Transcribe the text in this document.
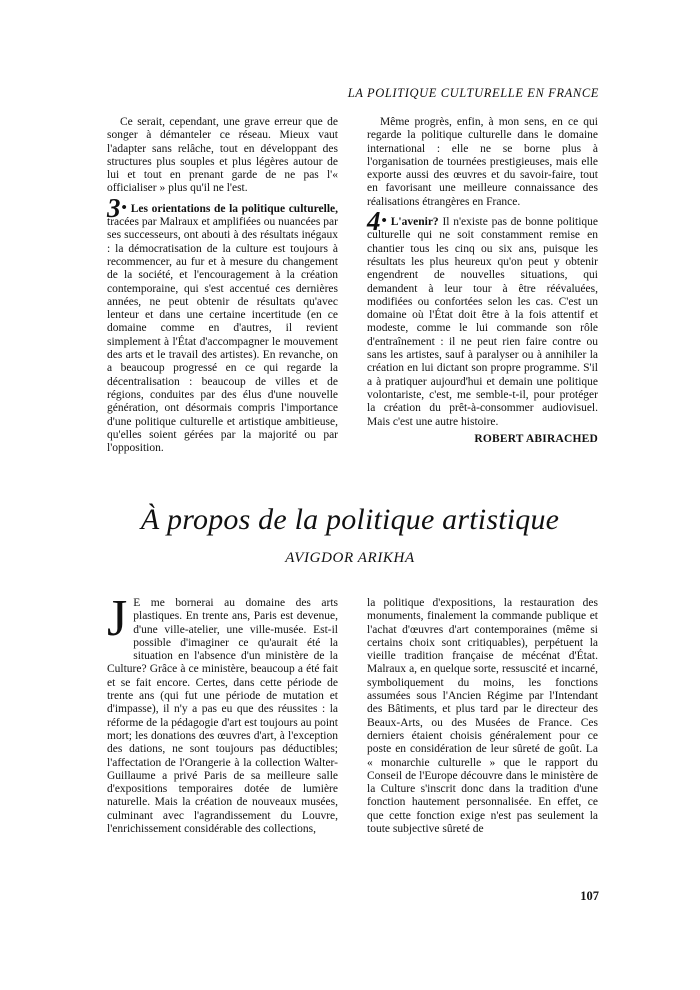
LA POLITIQUE CULTURELLE EN FRANCE

Ce serait, cependant, une grave erreur que de songer à démanteler ce réseau. Mieux vaut l'adapter sans relâche, tout en développant des structures plus souples et plus légères autour de lui et tout en prenant garde de ne pas l'« officialiser » plus qu'il ne l'est.

3• Les orientations de la politique culturelle, tracées par Malraux et amplifiées ou nuancées par ses successeurs, ont abouti à des résultats inégaux : la démocratisation de la culture est toujours à recommencer, au fur et à mesure du changement de la société, et l'encouragement à la création contemporaine, qui s'est accentué ces dernières années, ne peut obtenir de résultats qu'avec lenteur et dans une certaine incertitude (en ce domaine comme en d'autres, il revient simplement à l'État d'accompagner le mouvement des arts et le travail des artistes). En revanche, on a beaucoup progressé en ce qui regarde la décentralisation : beaucoup de villes et de régions, conduites par des élus d'une nouvelle génération, ont désormais compris l'importance d'une politique culturelle et artistique ambitieuse, qu'elles soient gérées par la majorité ou par l'opposition.

Même progrès, enfin, à mon sens, en ce qui regarde la politique culturelle dans le domaine international : elle ne se borne plus à l'organisation de tournées prestigieuses, mais elle exporte aussi des œuvres et du savoir-faire, tout en favorisant une meilleure connaissance des réalisations étrangères en France.

4• L'avenir? Il n'existe pas de bonne politique culturelle qui ne soit constamment remise en chantier tous les cinq ou six ans, puisque les résultats les plus heureux qu'on peut y obtenir engendrent de nouvelles situations, qui demandent à leur tour à être réévaluées, modifiées ou confortées selon les cas. C'est un domaine où l'État doit être à la fois attentif et modeste, comme le lui commande son rôle d'entraînement : il ne peut rien faire contre ou sans les artistes, sauf à paralyser ou à annihiler la création en lui dictant son propre programme. S'il a à pratiquer aujourd'hui et demain une politique volontariste, c'est, me semble-t-il, pour protéger la création du prêt-à-consommer audiovisuel. Mais c'est une autre histoire.

ROBERT ABIRACHED
À propos de la politique artistique
AVIGDOR ARIKHA

J E me bornerai au domaine des arts plastiques. En trente ans, Paris est devenue, d'une ville-atelier, une ville-musée. Est-il possible d'imaginer ce qu'aurait été la situation en l'absence d'un ministère de la Culture? Grâce à ce ministère, beaucoup a été fait et se fait encore. Certes, dans cette période de trente ans (qui fut une période de mutation et d'impasse), il n'y a pas eu que des réussites : la réforme de la pédagogie d'art est toujours au point mort; les donations des œuvres d'art, à l'exception des dations, ne sont toujours pas déductibles; l'affectation de l'Orangerie à la collection Walter-Guillaume a privé Paris de sa meilleure salle d'expositions temporaires dotée de lumière naturelle. Mais la création de nouveaux musées, culminant avec l'agrandissement du Louvre, l'enrichissement considérable des collections,

la politique d'expositions, la restauration des monuments, finalement la commande publique et l'achat d'œuvres d'art contemporaines (même si certains choix sont critiquables), perpétuent la vieille tradition française de mécénat d'État. Malraux a, en quelque sorte, ressuscité et incarné, symboliquement du moins, les fonctions assumées sous l'Ancien Régime par l'Intendant des Bâtiments, et plus tard par le directeur des Beaux-Arts, ou des Musées de France. Ces derniers étaient choisis généralement pour ce poste en considération de leur sûreté de goût. La « monarchie culturelle » que le rapport du Conseil de l'Europe découvre dans le ministère de la Culture s'inscrit donc dans la tradition d'une fonction hautement personnalisée. En effet, ce que cette fonction exige n'est pas seulement la toute subjective sûreté de

107
